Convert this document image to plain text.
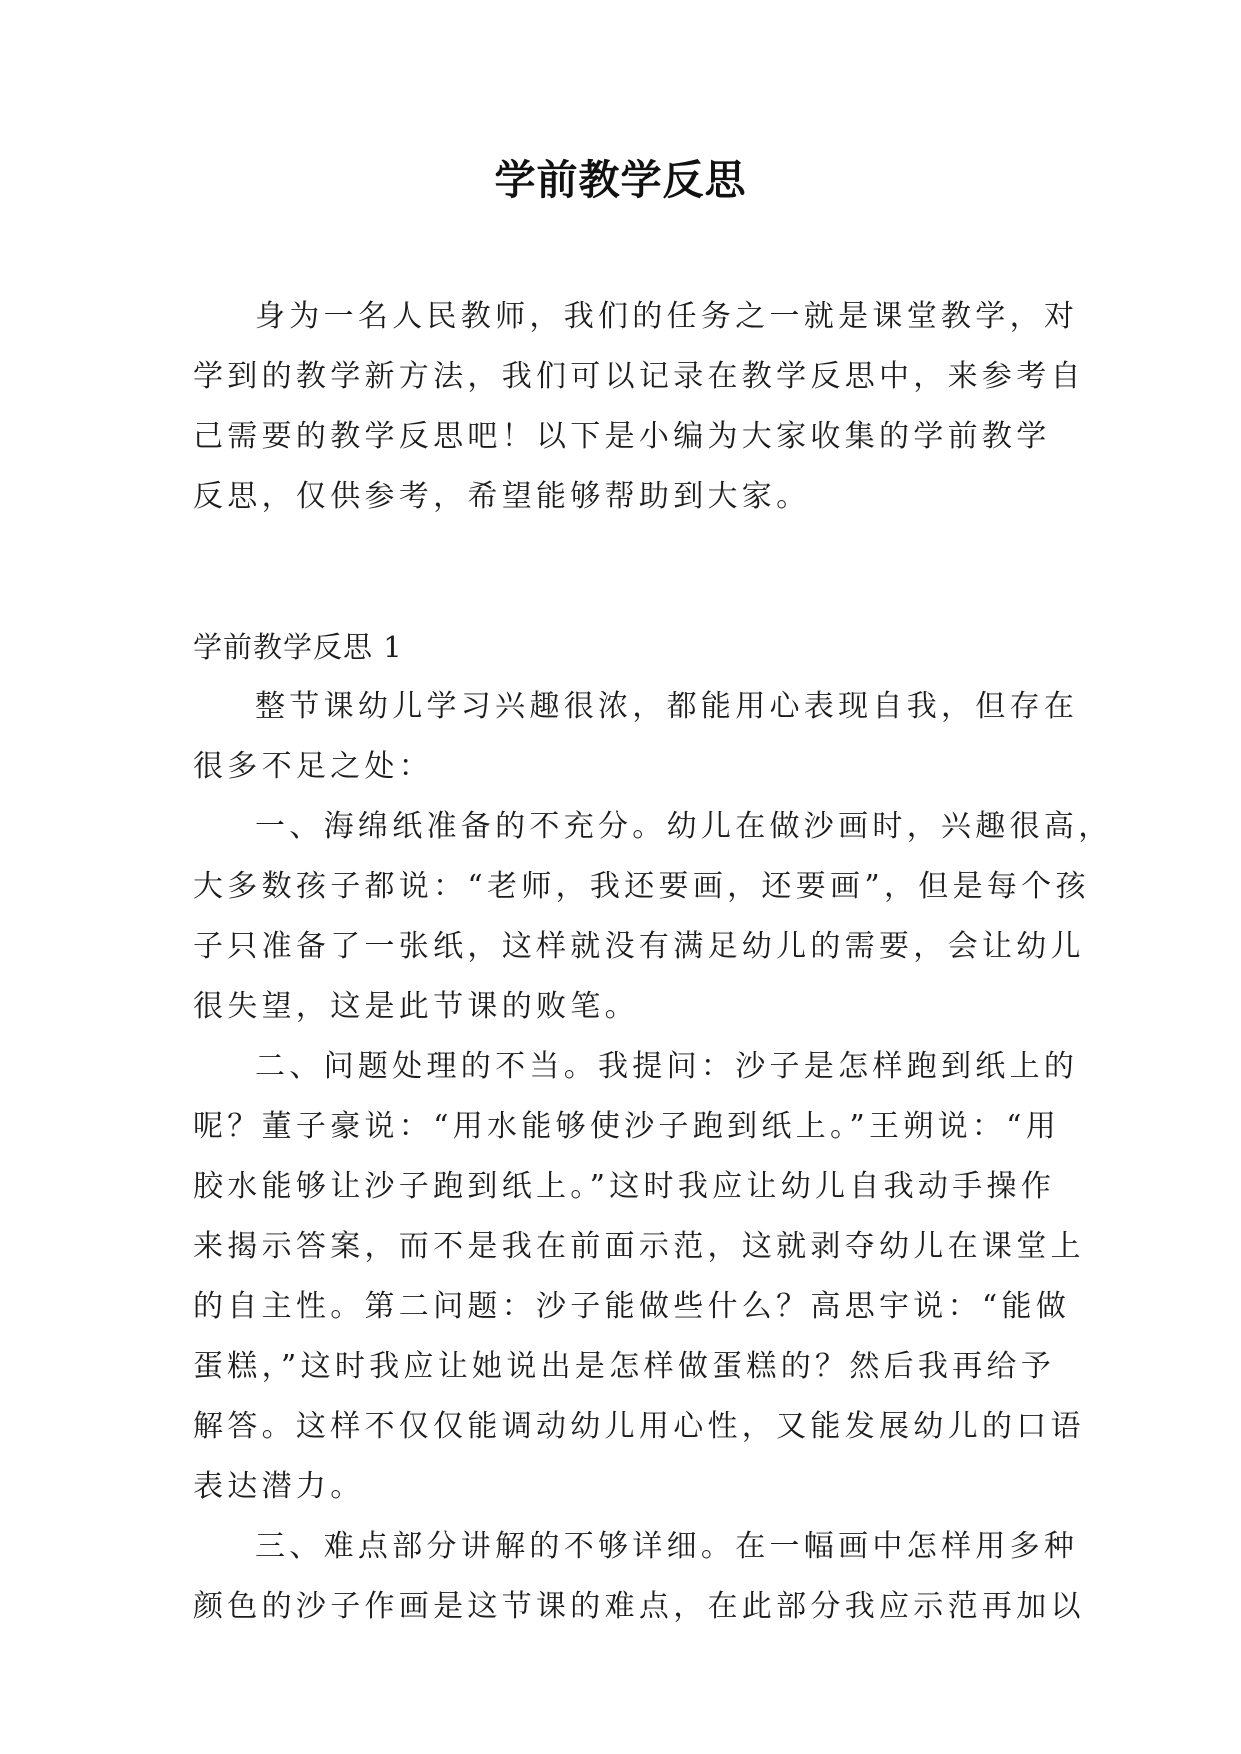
学前教学反思
身为一名人民教师，我们的任务之一就是课堂教学，对
学到的教学新方法，我们可以记录在教学反思中，来参考自
己需要的教学反思吧！以下是小编为大家收集的学前教学
反思，仅供参考，希望能够帮助到大家。
学前教学反思 1
整节课幼儿学习兴趣很浓，都能用心表现自我，但存在
很多不足之处：
一、海绵纸准备的不充分。幼儿在做沙画时，兴趣很高，
大多数孩子都说：“老师，我还要画，还要画”，但是每个孩
子只准备了一张纸，这样就没有满足幼儿的需要，会让幼儿
很失望，这是此节课的败笔。
二、问题处理的不当。我提问：沙子是怎样跑到纸上的
呢？董子豪说：“用水能够使沙子跑到纸上。”王朔说：“用
胶水能够让沙子跑到纸上。”这时我应让幼儿自我动手操作
来揭示答案，而不是我在前面示范，这就剥夺幼儿在课堂上
的自主性。第二问题：沙子能做些什么？高思宇说：“能做
蛋糕，”这时我应让她说出是怎样做蛋糕的？然后我再给予
解答。这样不仅仅能调动幼儿用心性，又能发展幼儿的口语
表达潜力。
三、难点部分讲解的不够详细。在一幅画中怎样用多种
颜色的沙子作画是这节课的难点，在此部分我应示范再加以
